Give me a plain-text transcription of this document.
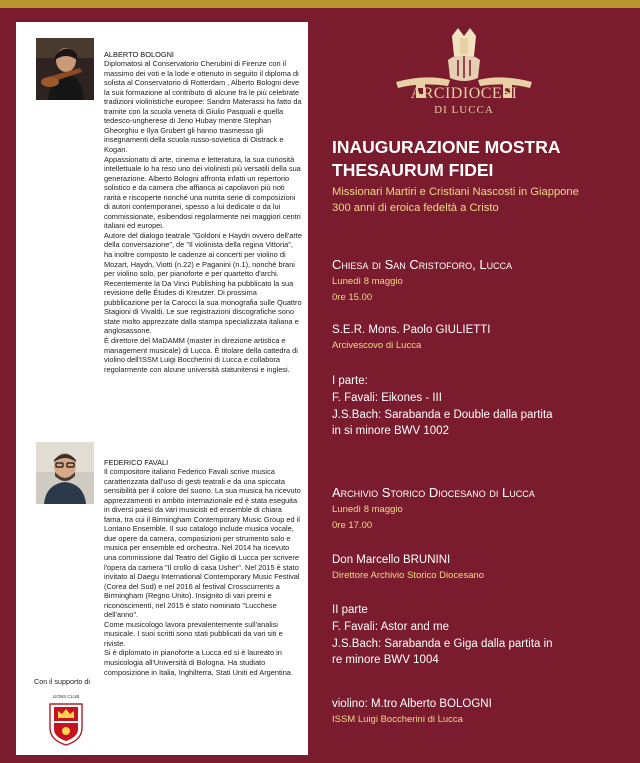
ALBERTO BOLOGNI
Diplomatosi al Conservatorio Cherubini di Firenze con il massimo dei voti e la lode e ottenuto in seguito il diploma di solista al Conservatorio di Rotterdam , Alberto Bologni deve la sua formazione al contributo di alcune fra le più celebrate tradizioni violinistiche europee: Sandro Materassi ha fatto da tramite con la scuola veneta di Giulio Pasquali e quella tedesco-ungherese di Jeno Hubay mentre Stephan Gheorghiu e Ilya Grubert gli hanno trasmesso gli insegnamenti della scuola russo-sovietica di Oistrack e Kogan.
Appassionato di arte, cinema e letteratura, la sua curiosità intellettuale lo ha reso uno dei violinisti più versatili della sua generazione. Alberto Bologni affronta infatti un repertorio solistico e da camera che affianca ai capolavori più noti rarità e riscoperte nonché una nutrita serie di composizioni di autori contemporanei, spesso a lui dedicate o da lui commissionate, esibendosi regolarmente nei maggiori centri italiani ed europei.
Autore del dialogo teatrale "Goldoni e Haydn ovvero dell'arte della conversazione", de "Il violinista della regina Vittoria", ha inoltre composto le cadenze ai concerti per violino di Mozart, Haydn, Viotti (n.22) e Paganini (n.1), nonché brani per violino solo, per pianoforte e per quartetto d'archi. Recentemente la Da Vinci Publishing ha pubblicato la sua revisione delle Études di Kreutzer. Di prossima pubblicazione per la Carocci la sua monografia sulle Quattro Stagioni di Vivaldi. Le sue registrazioni discografiche sono state molto apprezzate dalla stampa specializzata italiana e anglosassone.
È direttore del MaDAMM (master in direzione artistica e management musicale) di Lucca. È titolare della cattedra di violino dell'ISSM Luigi Boccherini di Lucca e collabora regolarmente con alcune università statunitensi e inglesi.

FEDERICO FAVALI
Il compositore italiano Federico Favali scrive musica caratterizzata dall'uso di gesti teatrali e da una spiccata sensibilità per il colore del suono. La sua musica ha ricevuto apprezzamenti in ambito internazionale ed è stata eseguita in diversi paesi da vari musicisti ed ensemble di chiara fama, tra cui il Birmingham Contemporary Music Group ed il Lontano Ensemble. Il suo catalogo include musica vocale, due opere da camera, composizioni per strumento solo e musica per ensemble ed orchestra. Nel 2014 ha ricevuto una commissione dal Teatro del Giglio di Lucca per scrivere l'opera da camera "Il crollo di casa Usher". Nel 2015 è stato invitato al Daegu International Contemporary Music Festival (Corea del Sud) e nel 2016 al festival Crosscurrents a Birmingham (Regno Unito). Insignito di vari premi e riconoscimenti, nel 2015 è stato nominato "Lucchese dell'anno".
Come musicologo lavora prevalentemente sull'analisi musicale. I suoi scritti sono stati pubblicati da vari siti e riviste.
Si è diplomato in pianoforte a Lucca ed si è laureato in musicologia all'Università di Bologna. Ha studiato composizione in Italia, Inghilterra, Stati Uniti ed Argentina.

Con il supporto di
LIONS CLUB
ARCIDIOCESI
DI LUCCA
INAUGURAZIONE MOSTRA
THESAURUM FIDEI
Missionari Martiri e Cristiani Nascosti in Giappone
300 anni di eroica fedeltà a Cristo
Chiesa di San Cristoforo, Lucca
Lunedì 8 maggio
0re 15.00
S.E.R. Mons. Paolo GIULIETTI
Arcivescovo di Lucca
I parte:
F. Favali: Eikones - III
J.S.Bach: Sarabanda e Double dalla partita
in si minore BWV 1002
Archivio Storico Diocesano di Lucca
Lunedì 8 maggio
0re 17.00
Don Marcello BRUNINI
Direttore Archivio Storico Diocesano
II parte
F. Favali: Astor and me
J.S.Bach: Sarabanda e Giga dalla partita in
re minore BWV 1004
violino: M.tro Alberto BOLOGNI
ISSM Luigi Boccherini di Lucca
